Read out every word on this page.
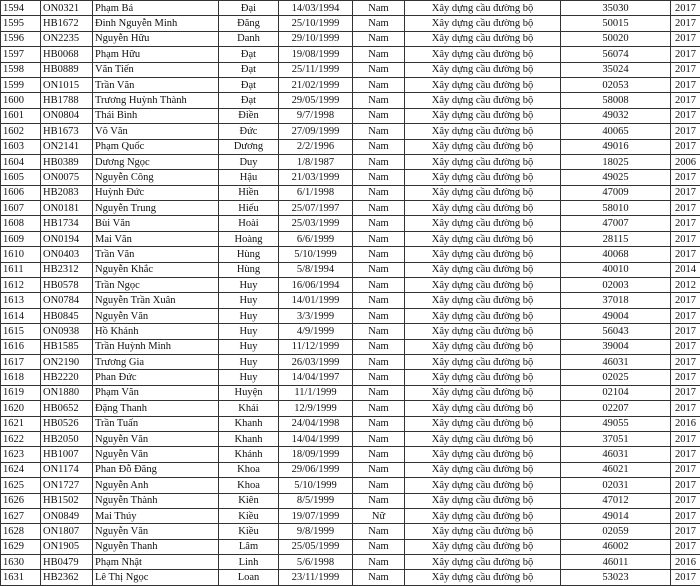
1594	ON0321	Phạm Bá	Đại	14/03/1994	Nam	Xây dựng cầu đường bộ	35030	2017
1595	HB1672	Đinh Nguyễn Minh	Đăng	25/10/1999	Nam	Xây dựng cầu đường bộ	50015	2017
1596	ON2235	Nguyễn Hữu	Danh	29/10/1999	Nam	Xây dựng cầu đường bộ	50020	2017
1597	HB0068	Phạm Hữu	Đạt	19/08/1999	Nam	Xây dựng cầu đường bộ	56074	2017
1598	HB0889	Văn Tiến	Đạt	25/11/1999	Nam	Xây dựng cầu đường bộ	35024	2017
1599	ON1015	Trần Văn	Đạt	21/02/1999	Nam	Xây dựng cầu đường bộ	02053	2017
1600	HB1788	Trương Huỳnh Thành	Đạt	29/05/1999	Nam	Xây dựng cầu đường bộ	58008	2017
1601	ON0804	Thái Bình	Điền	9/7/1998	Nam	Xây dựng cầu đường bộ	49032	2017
1602	HB1673	Võ Văn	Đức	27/09/1999	Nam	Xây dựng cầu đường bộ	40065	2017
1603	ON2141	Phạm Quốc	Dương	2/2/1996	Nam	Xây dựng cầu đường bộ	49016	2017
1604	HB0389	Dương Ngọc	Duy	1/8/1987	Nam	Xây dựng cầu đường bộ	18025	2006
1605	ON0075	Nguyễn Công	Hậu	21/03/1999	Nam	Xây dựng cầu đường bộ	49025	2017
1606	HB2083	Huỳnh Đức	Hiền	6/1/1998	Nam	Xây dựng cầu đường bộ	47009	2017
1607	ON0181	Nguyễn Trung	Hiếu	25/07/1997	Nam	Xây dựng cầu đường bộ	58010	2017
1608	HB1734	Bùi Văn	Hoài	25/03/1999	Nam	Xây dựng cầu đường bộ	47007	2017
1609	ON0194	Mai Văn	Hoàng	6/6/1999	Nam	Xây dựng cầu đường bộ	28115	2017
1610	ON0403	Trần Văn	Hùng	5/10/1999	Nam	Xây dựng cầu đường bộ	40068	2017
1611	HB2312	Nguyễn Khắc	Hùng	5/8/1994	Nam	Xây dựng cầu đường bộ	40010	2014
1612	HB0578	Trần Ngọc	Huy	16/06/1994	Nam	Xây dựng cầu đường bộ	02003	2012
1613	ON0784	Nguyễn Trần Xuân	Huy	14/01/1999	Nam	Xây dựng cầu đường bộ	37018	2017
1614	HB0845	Nguyễn Văn	Huy	3/3/1999	Nam	Xây dựng cầu đường bộ	49004	2017
1615	ON0938	Hồ Khánh	Huy	4/9/1999	Nam	Xây dựng cầu đường bộ	56043	2017
1616	HB1585	Trần Huỳnh Minh	Huy	11/12/1999	Nam	Xây dựng cầu đường bộ	39004	2017
1617	ON2190	Trương Gia	Huy	26/03/1999	Nam	Xây dựng cầu đường bộ	46031	2017
1618	HB2220	Phan Đức	Huy	14/04/1997	Nam	Xây dựng cầu đường bộ	02025	2017
1619	ON1880	Phạm Văn	Huyện	11/1/1999	Nam	Xây dựng cầu đường bộ	02104	2017
1620	HB0652	Đặng Thanh	Khải	12/9/1999	Nam	Xây dựng cầu đường bộ	02207	2017
1621	HB0526	Trần Tuấn	Khanh	24/04/1998	Nam	Xây dựng cầu đường bộ	49055	2016
1622	HB2050	Nguyễn Văn	Khanh	14/04/1999	Nam	Xây dựng cầu đường bộ	37051	2017
1623	HB1007	Nguyễn Văn	Khánh	18/09/1999	Nam	Xây dựng cầu đường bộ	46031	2017
1624	ON1174	Phan Đỗ Đăng	Khoa	29/06/1999	Nam	Xây dựng cầu đường bộ	46021	2017
1625	ON1727	Nguyễn Anh	Khoa	5/10/1999	Nam	Xây dựng cầu đường bộ	02031	2017
1626	HB1502	Nguyễn Thành	Kiên	8/5/1999	Nam	Xây dựng cầu đường bộ	47012	2017
1627	ON0849	Mai Thúy	Kiều	19/07/1999	Nữ	Xây dựng cầu đường bộ	49014	2017
1628	ON1807	Nguyễn Văn	Kiều	9/8/1999	Nam	Xây dựng cầu đường bộ	02059	2017
1629	ON1905	Nguyễn Thanh	Lâm	25/05/1999	Nam	Xây dựng cầu đường bộ	46002	2017
1630	HB0479	Phạm Nhật	Linh	5/6/1998	Nam	Xây dựng cầu đường bộ	46011	2016
1631	HB2362	Lê Thị Ngọc	Loan	23/11/1999	Nam	Xây dựng cầu đường bộ	53023	2017
